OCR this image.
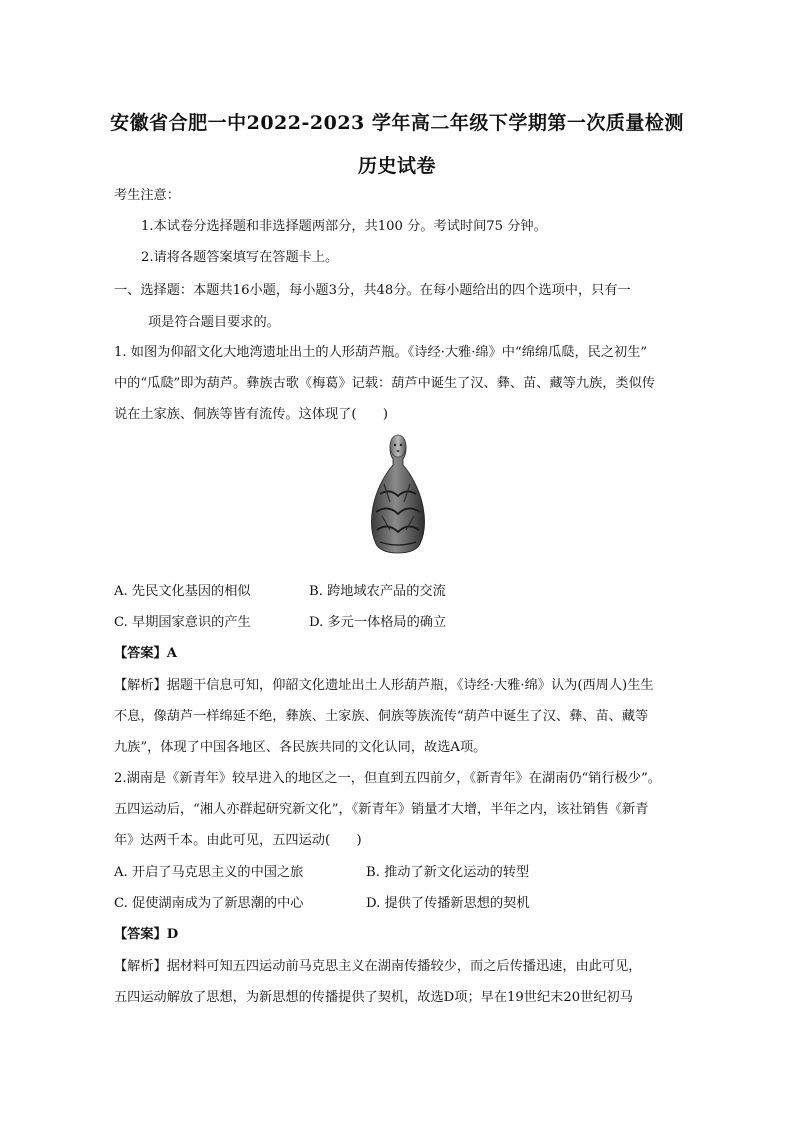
安徽省合肥一中2022-2023 学年高二年级下学期第一次质量检测
历史试卷
考生注意：
1.本试卷分选择题和非选择题两部分，共100 分。考试时间75 分钟。
2.请将各题答案填写在答题卡上。
一、选择题：本题共16小题，每小题3分，共48分。在每小题给出的四个选项中，只有一
项是符合题目要求的。
1. 如图为仰韶文化大地湾遗址出土的人形葫芦瓶。《诗经·大雅·绵》中“绵绵瓜瓞，民之初生”
中的“瓜瓞”即为葫芦。彝族古歌《梅葛》记载：葫芦中诞生了汉、彝、苗、藏等九族，类似传
说在土家族、侗族等皆有流传。这体现了(　　)
A. 先民文化基因的相似	B. 跨地域农产品的交流
C. 早期国家意识的产生	D. 多元一体格局的确立
【答案】A
【解析】据题干信息可知，仰韶文化遗址出土人形葫芦瓶，《诗经·大雅·绵》认为(西周人)生生
不息，像葫芦一样绵延不绝，彝族、土家族、侗族等族流传“葫芦中诞生了汉、彝、苗、藏等
九族”，体现了中国各地区、各民族共同的文化认同，故选A项。
2.湖南是《新青年》较早进入的地区之一，但直到五四前夕，《新青年》在湖南仍“销行极少”。
五四运动后，“湘人亦群起研究新文化”，《新青年》销量才大增，半年之内，该社销售《新青
年》达两千本。由此可见，五四运动(　　)
A. 开启了马克思主义的中国之旅	B. 推动了新文化运动的转型
C. 促使湖南成为了新思潮的中心	D. 提供了传播新思想的契机
【答案】D
【解析】据材料可知五四运动前马克思主义在湖南传播较少，而之后传播迅速，由此可见，
五四运动解放了思想，为新思想的传播提供了契机，故选D项；早在19世纪末20世纪初马
